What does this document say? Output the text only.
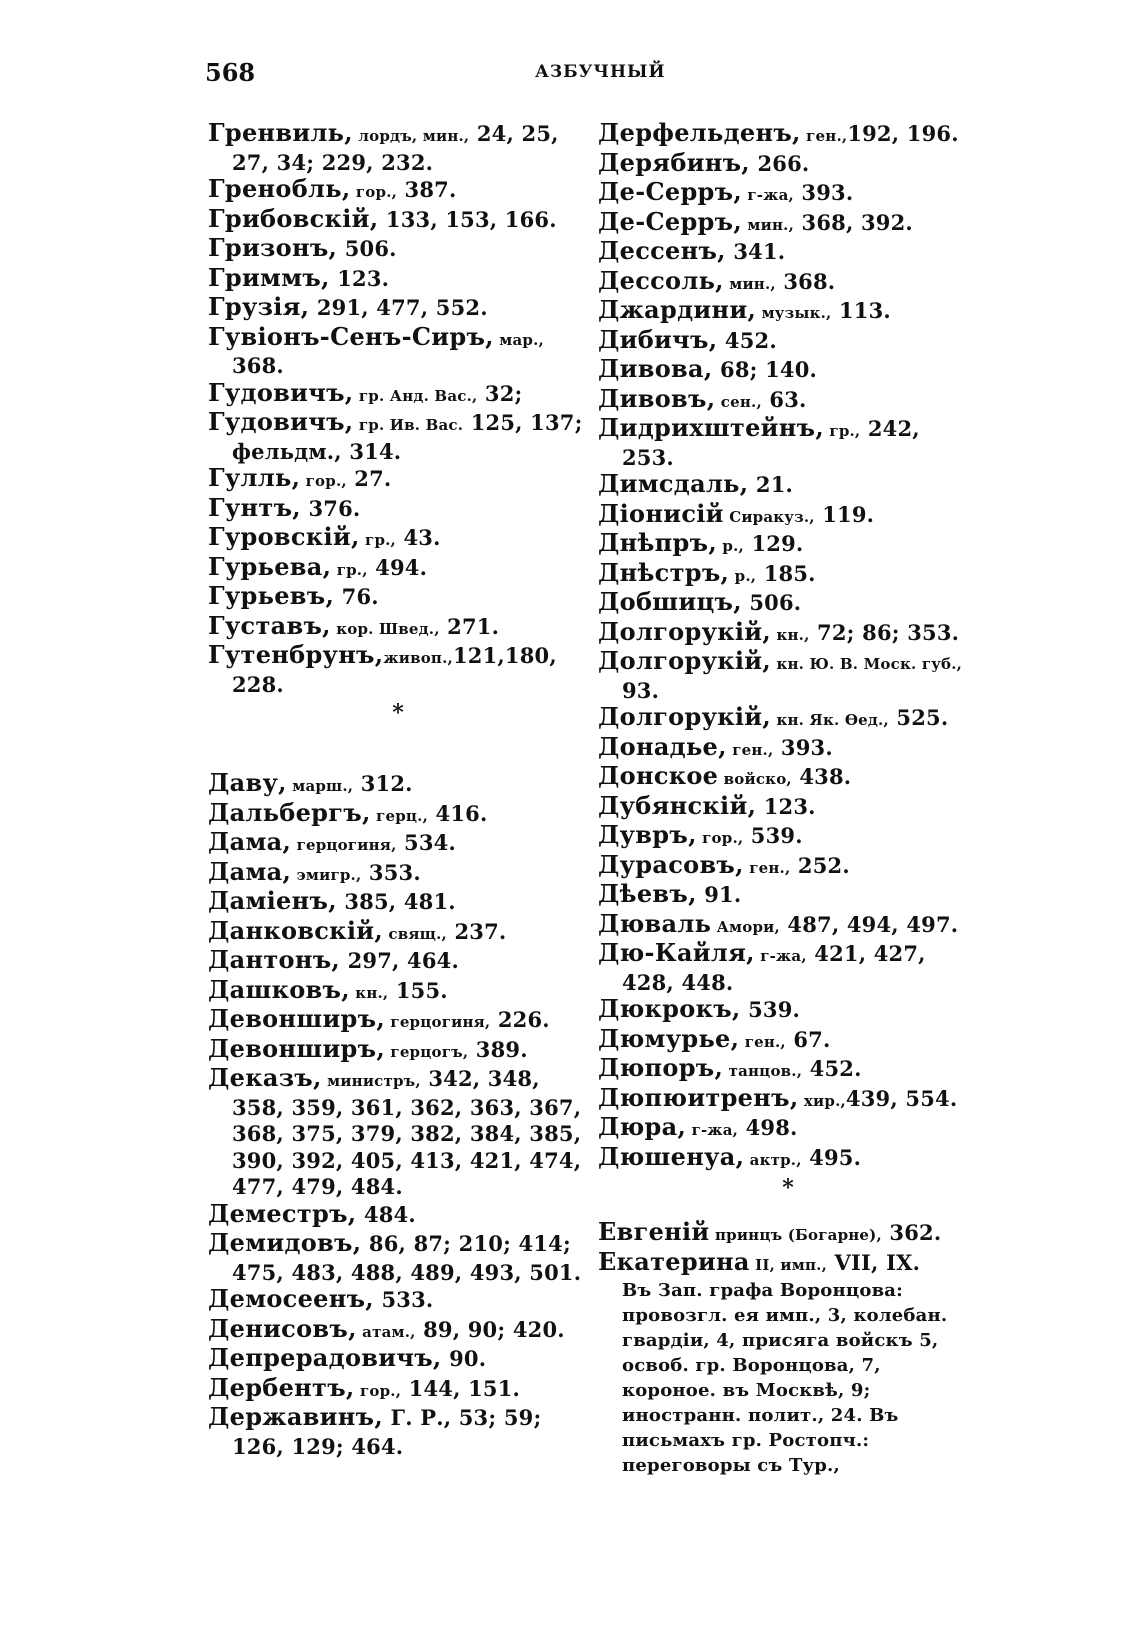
568	АЗБУЧНЫЙ
Гренвиль, лордъ, мин., 24, 25, 27, 34; 229, 232.
Гренобль, гор., 387.
Грибовскій, 133, 153, 166.
Гризонъ, 506.
Гриммъ, 123.
Грузія, 291, 477, 552.
Гувіонъ-Сенъ-Сиръ, мар., 368.
Гудовичъ, гр. Анд. Вас., 32;
Гудовичъ, гр. Ив. Вас. 125, 137; фельдм., 314.
Гулль, гор., 27.
Гунтъ, 376.
Гуровскій, гр., 43.
Гурьева, гр., 494.
Гурьевъ, 76.
Густавъ, кор. Швед., 271.
Гутенбрунъ,живоп.,121,180, 228.
*
Даву, марш., 312.
Дальбергъ, герц., 416.
Дама, герцогиня, 534.
Дама, эмигр., 353.
Даміенъ, 385, 481.
Данковскій, свящ., 237.
Дантонъ, 297, 464.
Дашковъ, кн., 155.
Девонширъ, герцогиня, 226.
Девонширъ, герцогъ, 389.
Деказъ, министръ, 342, 348, 358, 359, 361, 362, 363, 367, 368, 375, 379, 382, 384, 385, 390, 392, 405, 413, 421, 474, 477, 479, 484.
Деместръ, 484.
Демидовъ, 86, 87; 210; 414; 475, 483, 488, 489, 493, 501.
Демосеенъ, 533.
Денисовъ, атам., 89, 90; 420.
Депрерадовичъ, 90.
Дербентъ, гор., 144, 151.
Державинъ, Г. Р., 53; 59; 126, 129; 464.
Дерфельденъ, ген.,192, 196.
Дерябинъ, 266.
Де-Серръ, г-жа, 393.
Де-Серръ, мин., 368, 392.
Дессенъ, 341.
Дессоль, мин., 368.
Джардини, музык., 113.
Дибичъ, 452.
Дивова, 68; 140.
Дивовъ, сен., 63.
Дидрихштейнъ, гр., 242, 253.
Димсдаль, 21.
Діонисій Сиракуз., 119.
Днѣпръ, р., 129.
Днѣстръ, р., 185.
Добшицъ, 506.
Долгорукій, кн., 72; 86; 353.
Долгорукій, кн. Ю. В. Моск. губ., 93.
Долгорукій, кн. Як. Өед., 525.
Донадье, ген., 393.
Донское войско, 438.
Дубянскій, 123.
Дувръ, гор., 539.
Дурасовъ, ген., 252.
Дѣевъ, 91.
Дюваль Амори, 487, 494, 497.
Дю-Кайля, г-жа, 421, 427, 428, 448.
Дюкрокъ, 539.
Дюмурье, ген., 67.
Дюпоръ, танцов., 452.
Дюпюитренъ, хир.,439, 554.
Дюра, г-жа, 498.
Дюшенуа, актр., 495.
*
Евгеній принцъ (Богарне), 362.
Екатерина II, имп., VII, IX.
Въ Зап. графа Воронцова: провозгл. ея имп., 3, колебан. гвардіи, 4, присяга войскъ 5, освоб. гр. Воронцова, 7, короное. въ Москвѣ, 9; иностранн. полит., 24. Въ письмахъ гр. Ростопч.: переговоры съ Тур.,
